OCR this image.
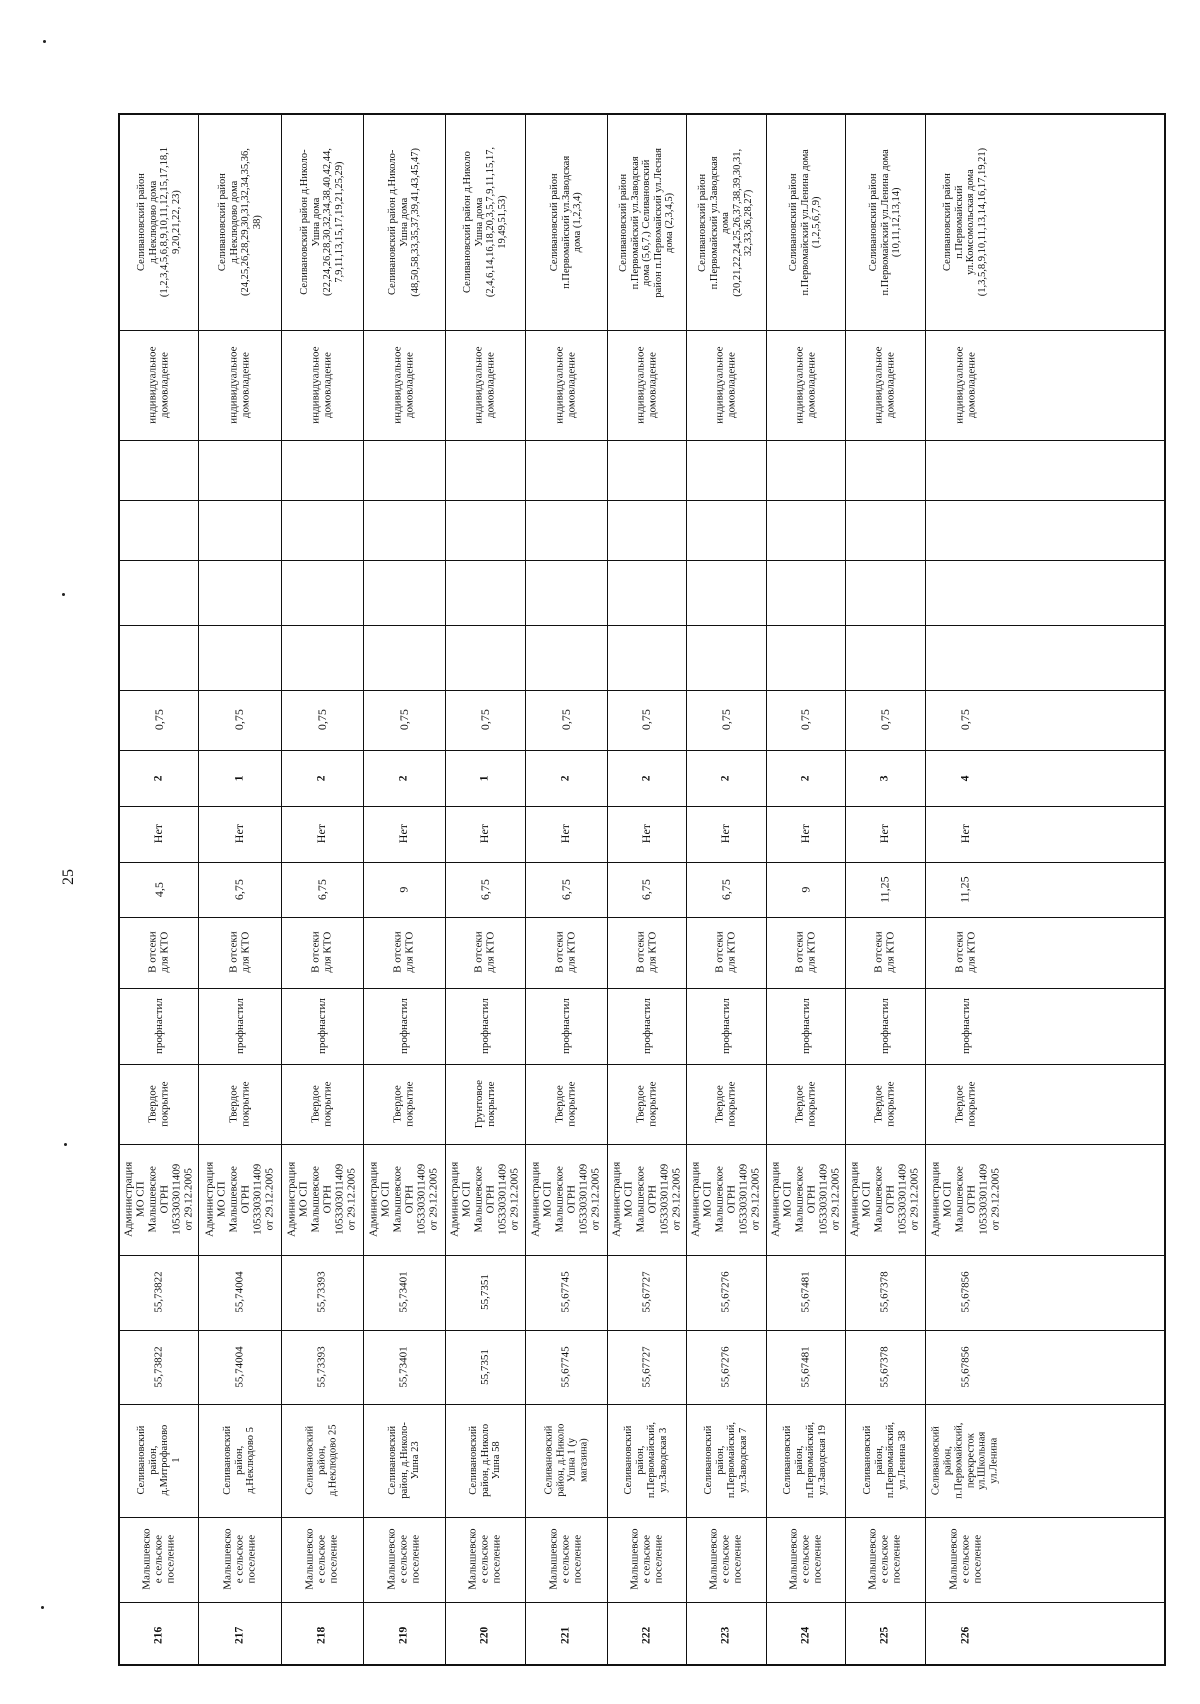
25
216
Малышевско
е сельское
поселение
Селивановский
район,
д.Митрофаново
1
55,73822
55,73822
Администрация
МО СП
Малышевское
ОГРН
1053303011409
от 29.12.2005
Твердое
покрытие
профнастил
В отсеки
для КТО
4,5
Нет
2
0,75
индивидуальное
домовладение
Селивановский район
д.Неклюдово дома
(1,2,3,4,5,6,8,9,10,11,12,15,17,18,1
9,20,21,22, 23)
217
Малышевско
е сельское
поселение
Селивановский
район,
д.Неклюдово 5
55,74004
55,74004
Администрация
МО СП
Малышевское
ОГРН
1053303011409
от 29.12.2005
Твердое
покрытие
профнастил
В отсеки
для КТО
6,75
Нет
1
0,75
индивидуальное
домовладение
Селивановский район
д.Неклюдово дома
(24,25,26,28,29,30,31,32,34,35,36,
38)
218
Малышевско
е сельское
поселение
Селивановский
район,
д.Неклюдово 25
55,73393
55,73393
Администрация
МО СП
Малышевское
ОГРН
1053303011409
от 29.12.2005
Твердое
покрытие
профнастил
В отсеки
для КТО
6,75
Нет
2
0,75
индивидуальное
домовладение
Селивановский район д.Николо-
Ушна дома
(22,24,26,28,30,32,34,38,40,42,44,
7,9,11,13,15,17,19,21,25,29)
219
Малышевско
е сельское
поселение
Селивановский
район, д.Николо-
Ушна 23
55,73401
55,73401
Администрация
МО СП
Малышевское
ОГРН
1053303011409
от 29.12.2005
Твердое
покрытие
профнастил
В отсеки
для КТО
9
Нет
2
0,75
индивидуальное
домовладение
Селивановский район д.Николо-
Ушна дома
(48,50,58,33,35,37,39,41,43,45,47)
220
Малышевско
е сельское
поселение
Селивановский
район, д.Николо
Ушна 58
55,7351
55,7351
Администрация
МО СП
Малышевское
ОГРН
1053303011409
от 29.12.2005
Грунтовое
покрытие
профнастил
В отсеки
для КТО
6,75
Нет
1
0,75
индивидуальное
домовладение
Селивановский район д.Николо
Ушна дома
(2,4,6,14,16,18,20,3,5,7,9,11,15,17,
19,49,51,53)
221
Малышевско
е сельское
поселение
Селивановский
район, д.Николо
Ушна 1 (у
магазина)
55,67745
55,67745
Администрация
МО СП
Малышевское
ОГРН
1053303011409
от 29.12.2005
Твердое
покрытие
профнастил
В отсеки
для КТО
6,75
Нет
2
0,75
индивидуальное
домовладение
Селивановский район
п.Первомайский ул.Заводская
дома (1,2,3,4)
222
Малышевско
е сельское
поселение
Селивановский
район,
п.Первомайский,
ул.Заводская 3
55,67727
55,67727
Администрация
МО СП
Малышевское
ОГРН
1053303011409
от 29.12.2005
Твердое
покрытие
профнастил
В отсеки
для КТО
6,75
Нет
2
0,75
индивидуальное
домовладение
Селивановский район
п.Первомайский ул.Заводская
дома (5,6,7,) Селивановский
район п.Первомайский ул.Лесная
дома (2,3,4,5)
223
Малышевско
е сельское
поселение
Селивановский
район,
п.Первомайский,
ул.Заводская 7
55,67276
55,67276
Администрация
МО СП
Малышевское
ОГРН
1053303011409
от 29.12.2005
Твердое
покрытие
профнастил
В отсеки
для КТО
6,75
Нет
2
0,75
индивидуальное
домовладение
Селивановский район
п.Первомайский ул.Заводская
дома
(20,21,22,24,25,26,37,38,39,30,31,
32,33,36,28,27)
224
Малышевско
е сельское
поселение
Селивановский
район,
п.Первомайский,
ул.Заводская 19
55,67481
55,67481
Администрация
МО СП
Малышевское
ОГРН
1053303011409
от 29.12.2005
Твердое
покрытие
профнастил
В отсеки
для КТО
9
Нет
2
0,75
индивидуальное
домовладение
Селивановский район
п.Первомайский ул.Ленина дома
(1,2,5,6,7,9)
225
Малышевско
е сельское
поселение
Селивановский
район,
п.Первомайский,
ул.Ленина 38
55,67378
55,67378
Администрация
МО СП
Малышевское
ОГРН
1053303011409
от 29.12.2005
Твердое
покрытие
профнастил
В отсеки
для КТО
11,25
Нет
3
0,75
индивидуальное
домовладение
Селивановский район
п.Первомайский ул.Ленина дома
(10,11,12,13,14)
226
Малышевско
е сельское
поселение
Селивановский
район,
п.Первомайский,
перекресток
ул.Школьная
ул.Ленина
55,67856
55,67856
Администрация
МО СП
Малышевское
ОГРН
1053303011409
от 29.12.2005
Твердое
покрытие
профнастил
В отсеки
для КТО
11,25
Нет
4
0,75
индивидуальное
домовладение
Селивановский район
п.Первомайский
ул.Комсомольская дома
(1,3,5,8,9,10,11,13,14,16,17,19,21)
